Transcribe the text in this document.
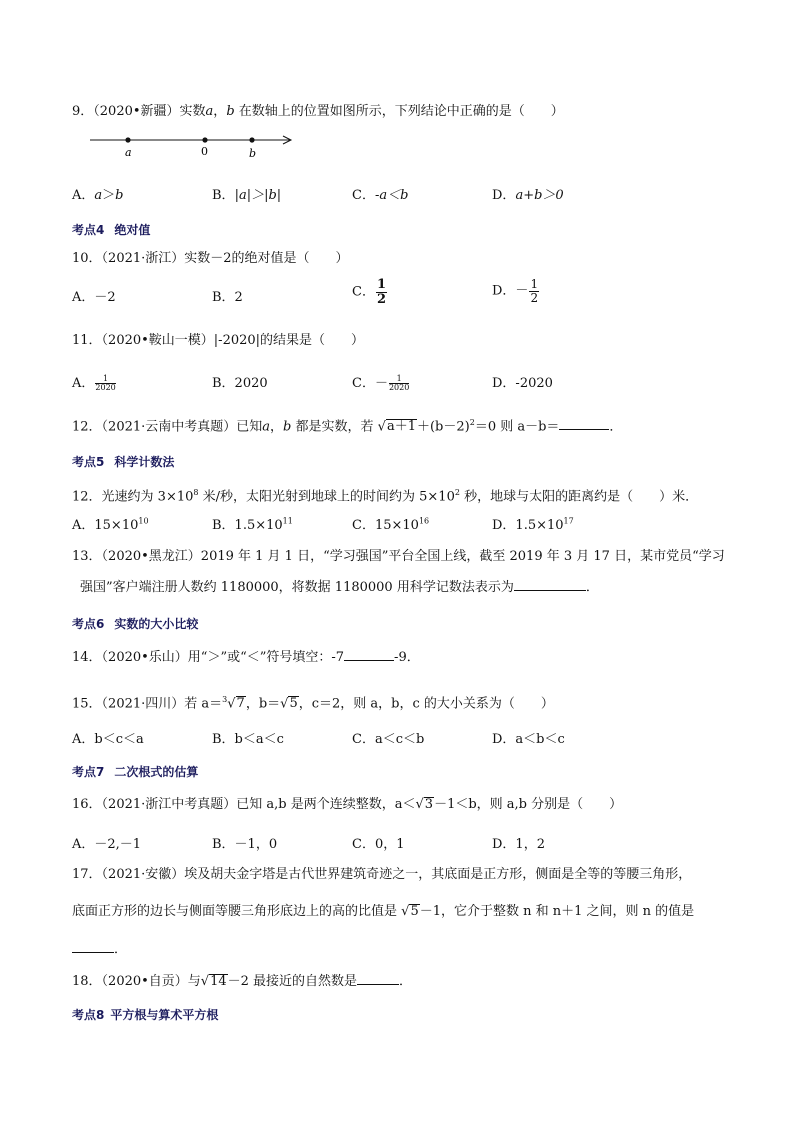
9．（2020•新疆）实数a，b 在数轴上的位置如图所示，下列结论中正确的是（　　）
a	0	b
A．a＞b	B．|a|＞|b|	C．-a＜b	D．a+b＞0
考点4 绝对值
10．（2021·浙江）实数－2的绝对值是（　　）
A．－2	B．2	C． $\frac{1}{2}$	D．－ $\frac{1}{2}$
11．（2020•鞍山一模）|-2020|的结果是（　　）
A． $\frac{1}{2020}$	B．2020	C．－ $\frac{1}{2020}$	D．-2020
12．（2021·云南中考真题）已知a，b 都是实数，若 $√a+1+(b-2)^2=0$ 则 a－b＝	．
考点5 科学计数法
12．光速约为 $3\times 10^8$ 米/秒，太阳光射到地球上的时间约为 $5\times 10^2$ 秒，地球与太阳的距离约是（　　）米．
A．$15\times 10^{10}$	B．$1.5\times 10^{11}$	C．$15\times 10^{16}$	D．$1.5\times 10^{17}$
13．（2020•黑龙江）2019 年 1 月 1 日，“学习强国”平台全国上线，截至 2019 年 3 月 17 日，某市党员“学习
强国”客户端注册人数约 1180000，将数据 1180000 用科学记数法表示为	．
考点6 实数的大小比较
14．（2020•乐山）用“＞”或“＜”符号填空：-7	-9．
15．（2021·四川）若 a＝$^3$√7，b＝√5，c＝2，则 a，b，c 的大小关系为（　　）
A．b＜c＜a	B．b＜a＜c	C．a＜c＜b	D．a＜b＜c
考点7 二次根式的估算
16．（2021·浙江中考真题）已知 a,b 是两个连续整数，a＜√3－1＜b，则 a,b 分别是（　　）
A．－2,－1	B．－1，0	C．0，1	D．1，2
17．（2021·安徽）埃及胡夫金字塔是古代世界建筑奇迹之一，其底面是正方形，侧面是全等的等腰三角形，
底面正方形的边长与侧面等腰三角形底边上的高的比值是 √5－1，它介于整数 n 和 n＋1 之间，则 n 的值是
．
18．（2020•自贡）与√14－2 最接近的自然数是	．
考点8 平方根与算术平方根
